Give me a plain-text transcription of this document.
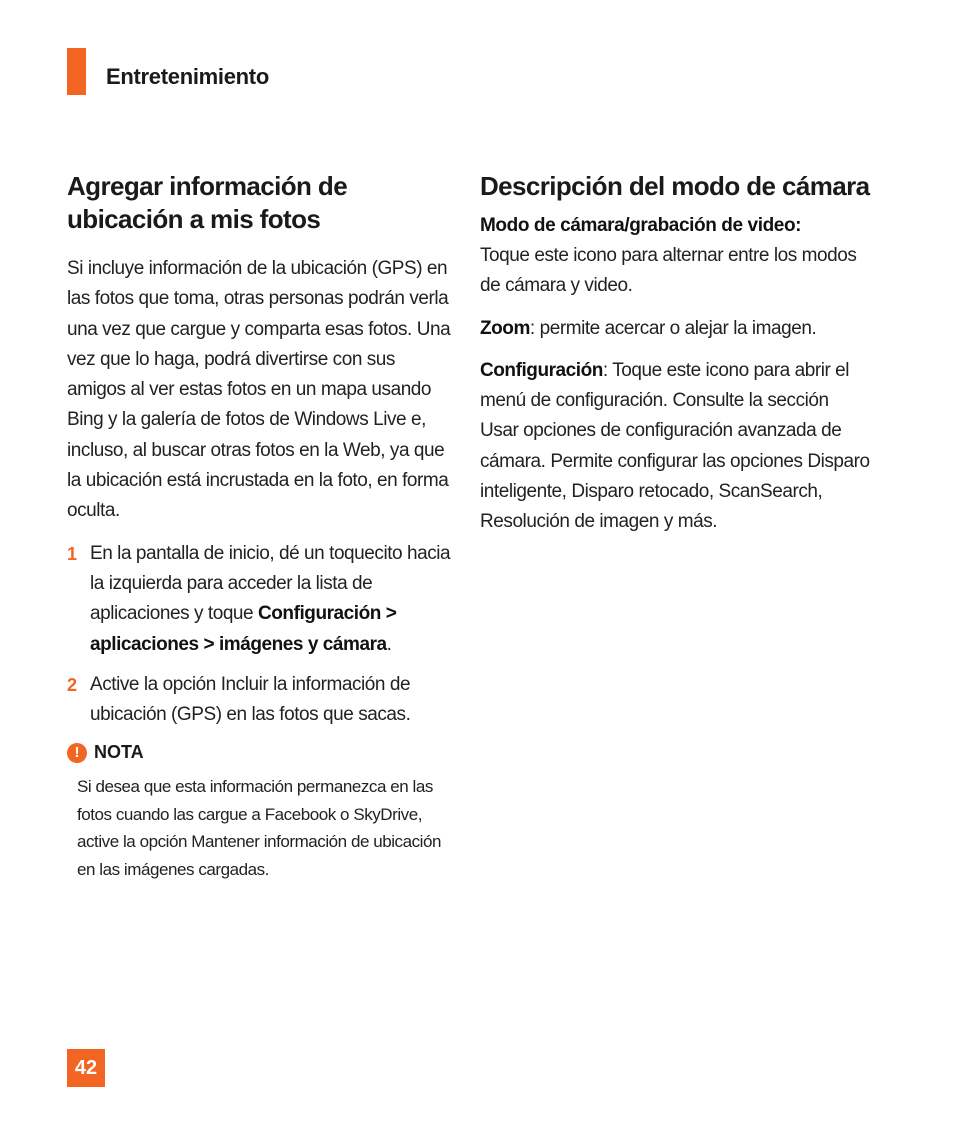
Entretenimiento
Agregar información de
ubicación a mis fotos

Si incluye información de la ubicación (GPS) en las fotos que toma, otras personas podrán verla una vez que cargue y comparta esas fotos. Una vez que lo haga, podrá divertirse con sus amigos al ver estas fotos en un mapa usando Bing y la galería de fotos de Windows Live e, incluso, al buscar otras fotos en la Web, ya que la ubicación está incrustada en la foto, en forma oculta.

1 En la pantalla de inicio, dé un toquecito hacia la izquierda para acceder la lista de aplicaciones y toque Configuración > aplicaciones > imágenes y cámara.
2 Active la opción Incluir la información de ubicación (GPS) en las fotos que sacas.
! NOTA

Si desea que esta información permanezca en las fotos cuando las cargue a Facebook o SkyDrive, active la opción Mantener información de ubicación en las imágenes cargadas.

Descripción del modo de cámara
Modo de cámara/grabación de video:

Toque este icono para alternar entre los modos de cámara y video.

Zoom: permite acercar o alejar la imagen.

Configuración: Toque este icono para abrir el menú de configuración. Consulte la sección Usar opciones de configuración avanzada de cámara. Permite configurar las opciones Disparo inteligente, Disparo retocado, ScanSearch, Resolución de imagen y más.

42
